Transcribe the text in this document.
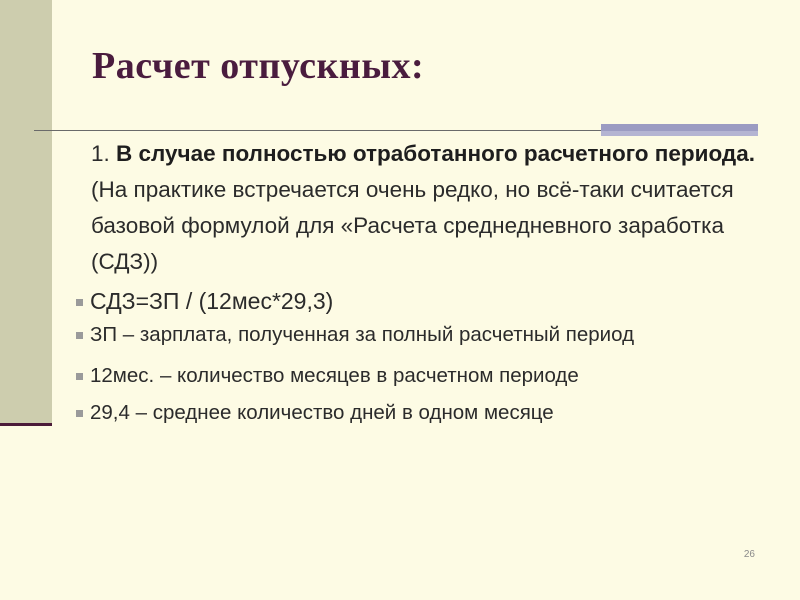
Расчет отпускных:

1. В случае полностью отработанного расчетного периода. (На практике встречается очень редко, но всё-таки считается базовой формулой для «Расчета среднедневного заработка (СДЗ))

СДЗ=ЗП / (12мес*29,3)

ЗП – зарплата, полученная за полный расчетный период

12мес. – количество месяцев в расчетном периоде

29,4 – среднее количество дней в одном месяце

26
